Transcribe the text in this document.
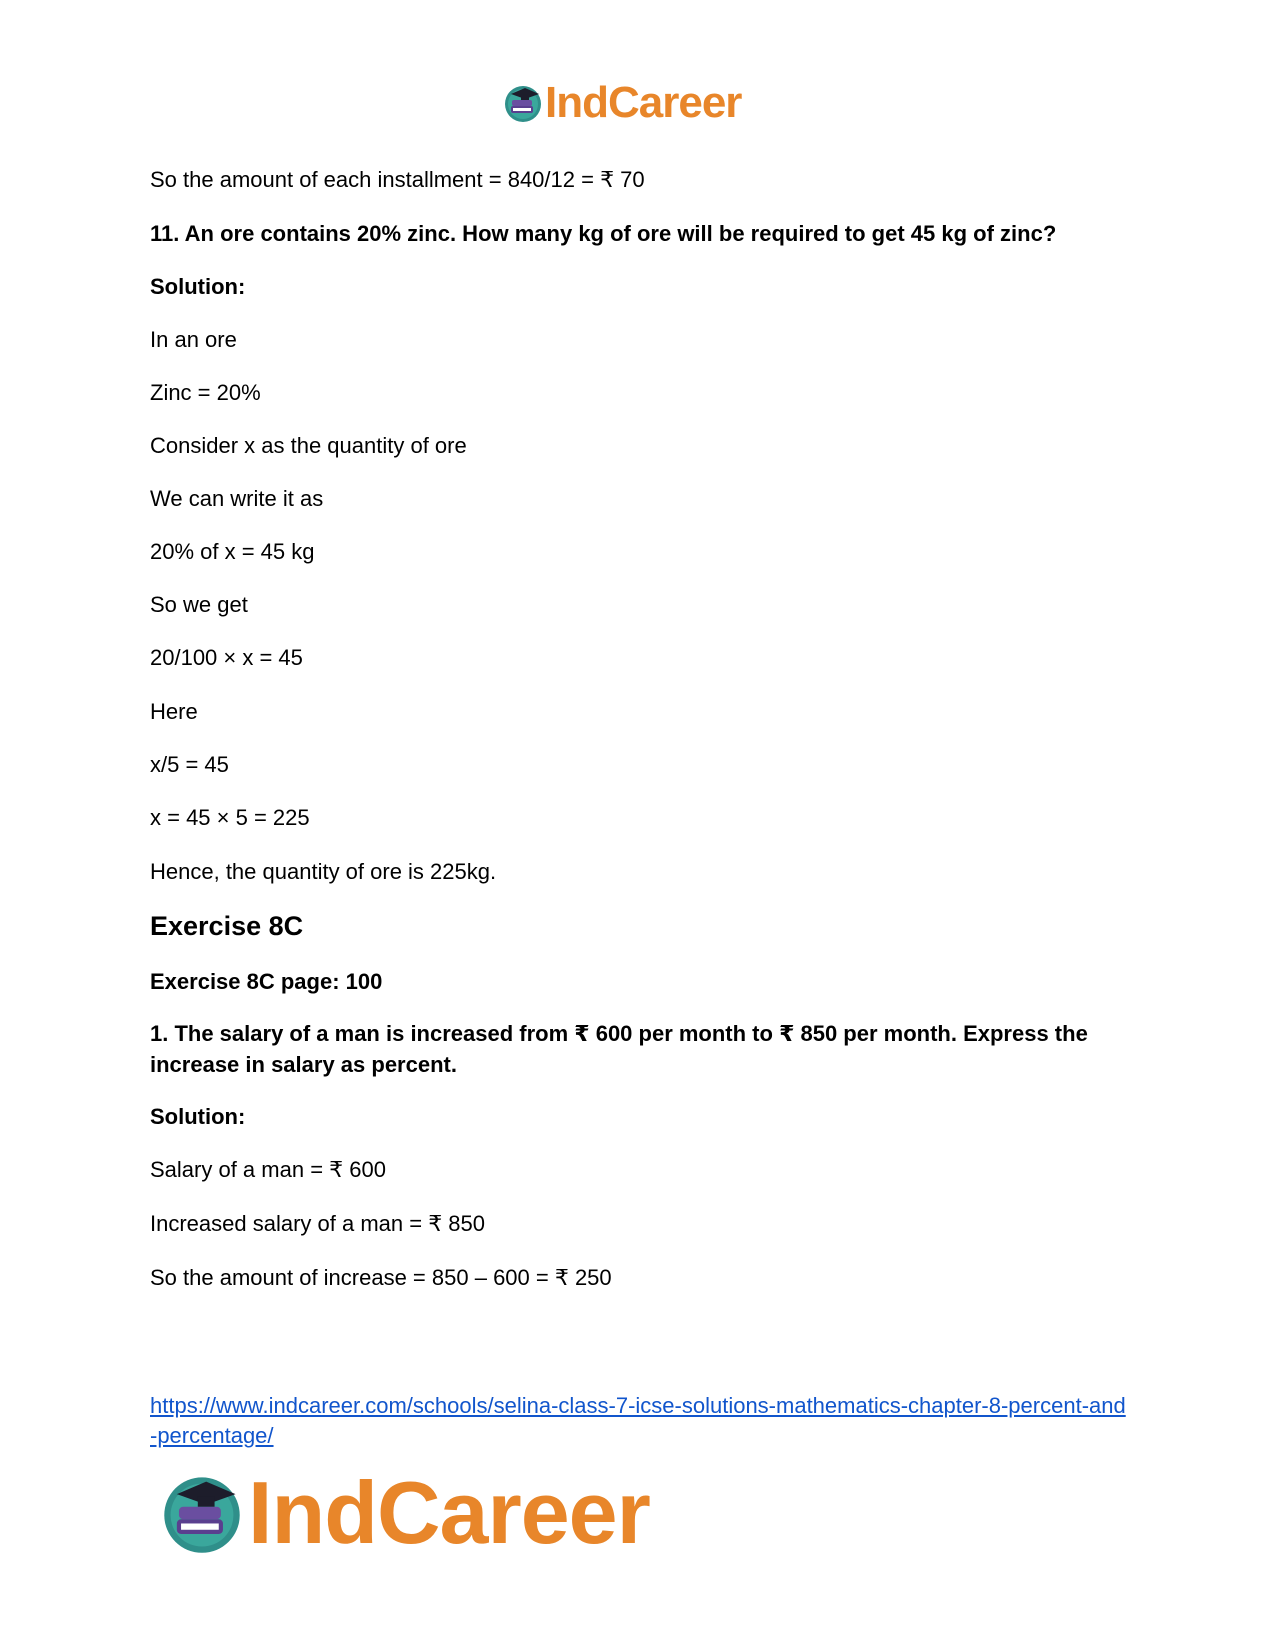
IndCareer
So the amount of each installment = 840/12 = ₹ 70
11. An ore contains 20% zinc. How many kg of ore will be required to get 45 kg of zinc?
Solution:
In an ore
Zinc = 20%
Consider x as the quantity of ore
We can write it as
20% of x = 45 kg
So we get
20/100 × x = 45
Here
x/5 = 45
x = 45 × 5 = 225
Hence, the quantity of ore is 225kg.
Exercise 8C
Exercise 8C page: 100
1. The salary of a man is increased from ₹ 600 per month to ₹ 850 per month. Express the increase in salary as percent.
Solution:
Salary of a man = ₹ 600
Increased salary of a man = ₹ 850
So the amount of increase = 850 – 600 = ₹ 250
https://www.indcareer.com/schools/selina-class-7-icse-solutions-mathematics-chapter-8-percent-and-percentage/
IndCareer
